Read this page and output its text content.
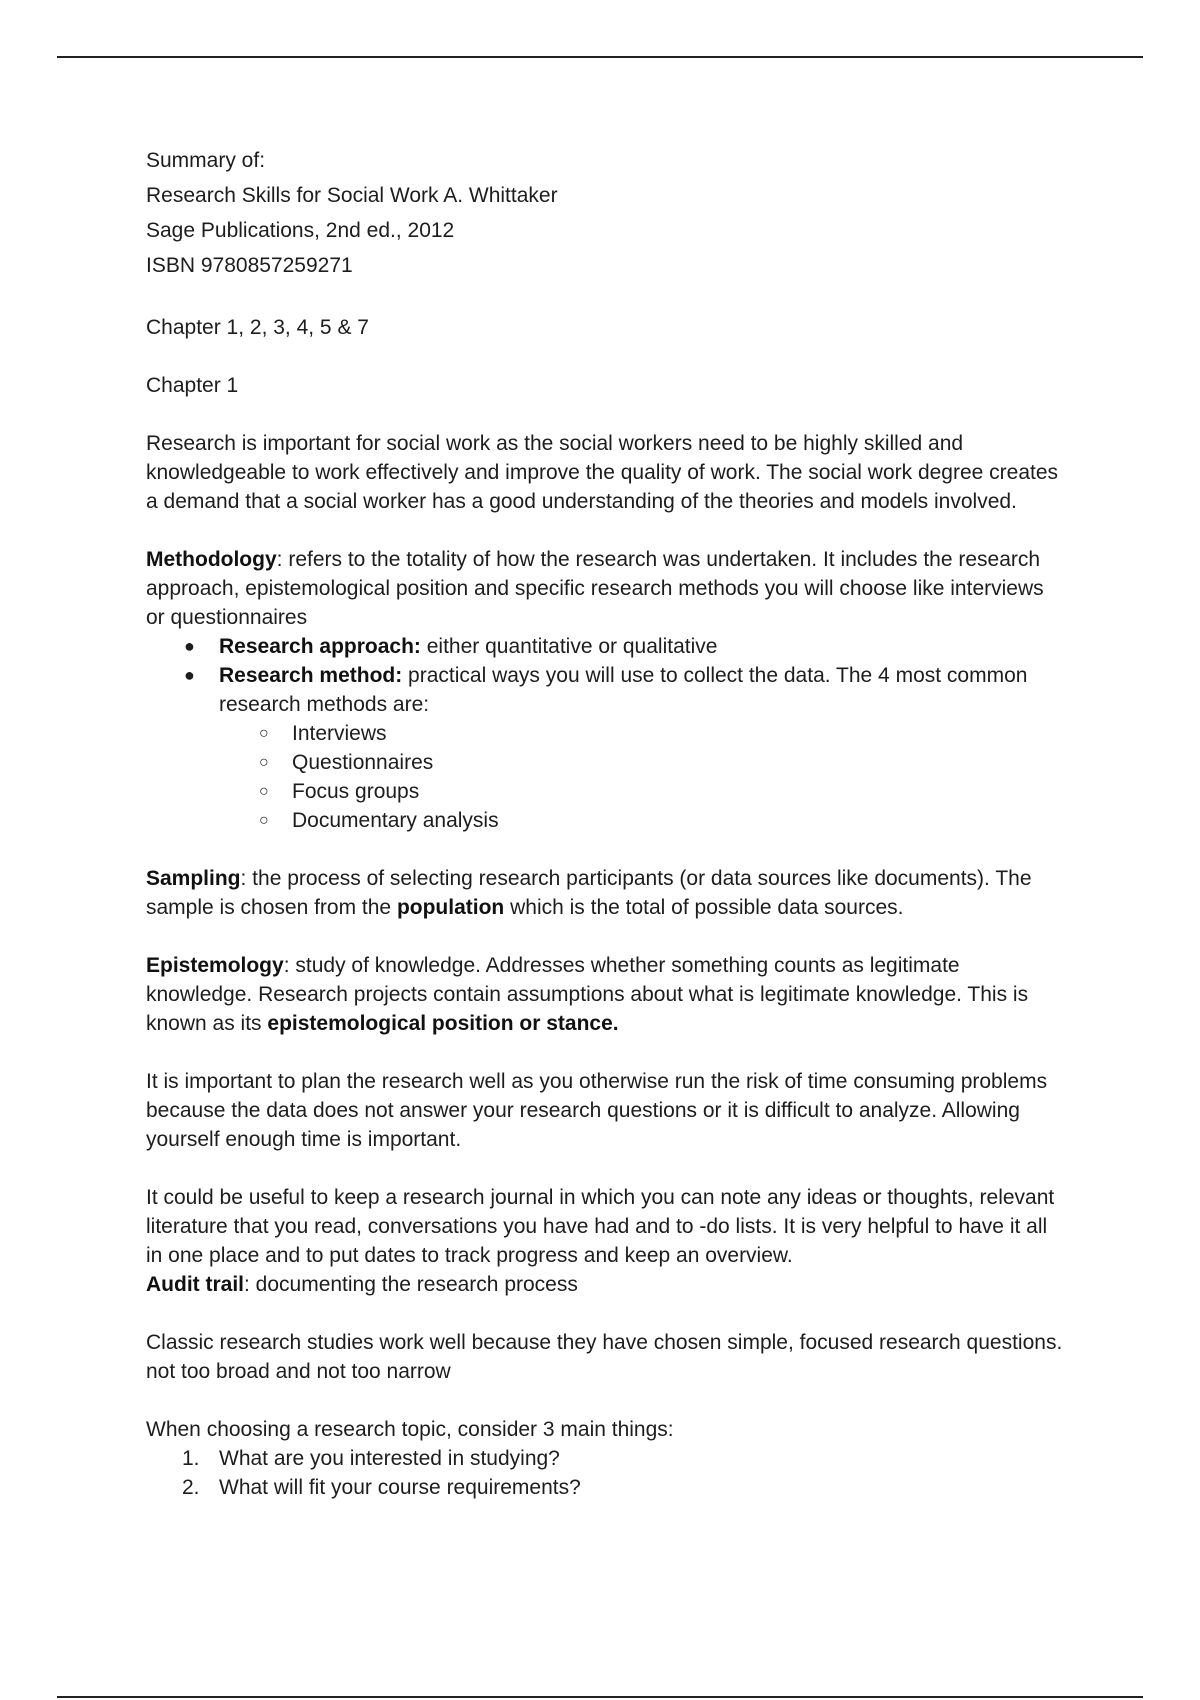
Summary of:

Research Skills for Social Work A. Whittaker

Sage Publications, 2nd ed., 2012

ISBN 9780857259271

Chapter 1, 2, 3, 4, 5 & 7

Chapter 1

Research is important for social work as the social workers need to be highly skilled and knowledgeable to work effectively and improve the quality of work. The social work degree creates a demand that a social worker has a good understanding of the theories and models involved.

Methodology: refers to the totality of how the research was undertaken. It includes the research approach, epistemological position and specific research methods you will choose like interviews or questionnaires

● Research approach: either quantitative or qualitative
● Research method: practical ways you will use to collect the data. The 4 most common research methods are:
○ Interviews
○ Questionnaires
○ Focus groups
○ Documentary analysis

Sampling: the process of selecting research participants (or data sources like documents). The sample is chosen from the population which is the total of possible data sources.

Epistemology: study of knowledge. Addresses whether something counts as legitimate knowledge. Research projects contain assumptions about what is legitimate knowledge. This is known as its epistemological position or stance.

It is important to plan the research well as you otherwise run the risk of time consuming problems because the data does not answer your research questions or it is difficult to analyze. Allowing yourself enough time is important.

It could be useful to keep a research journal in which you can note any ideas or thoughts, relevant literature that you read, conversations you have had and to -do lists. It is very helpful to have it all in one place and to put dates to track progress and keep an overview.

Audit trail: documenting the research process

Classic research studies work well because they have chosen simple, focused research questions. not too broad and not too narrow

When choosing a research topic, consider 3 main things:

1. What are you interested in studying?
2. What will fit your course requirements?
